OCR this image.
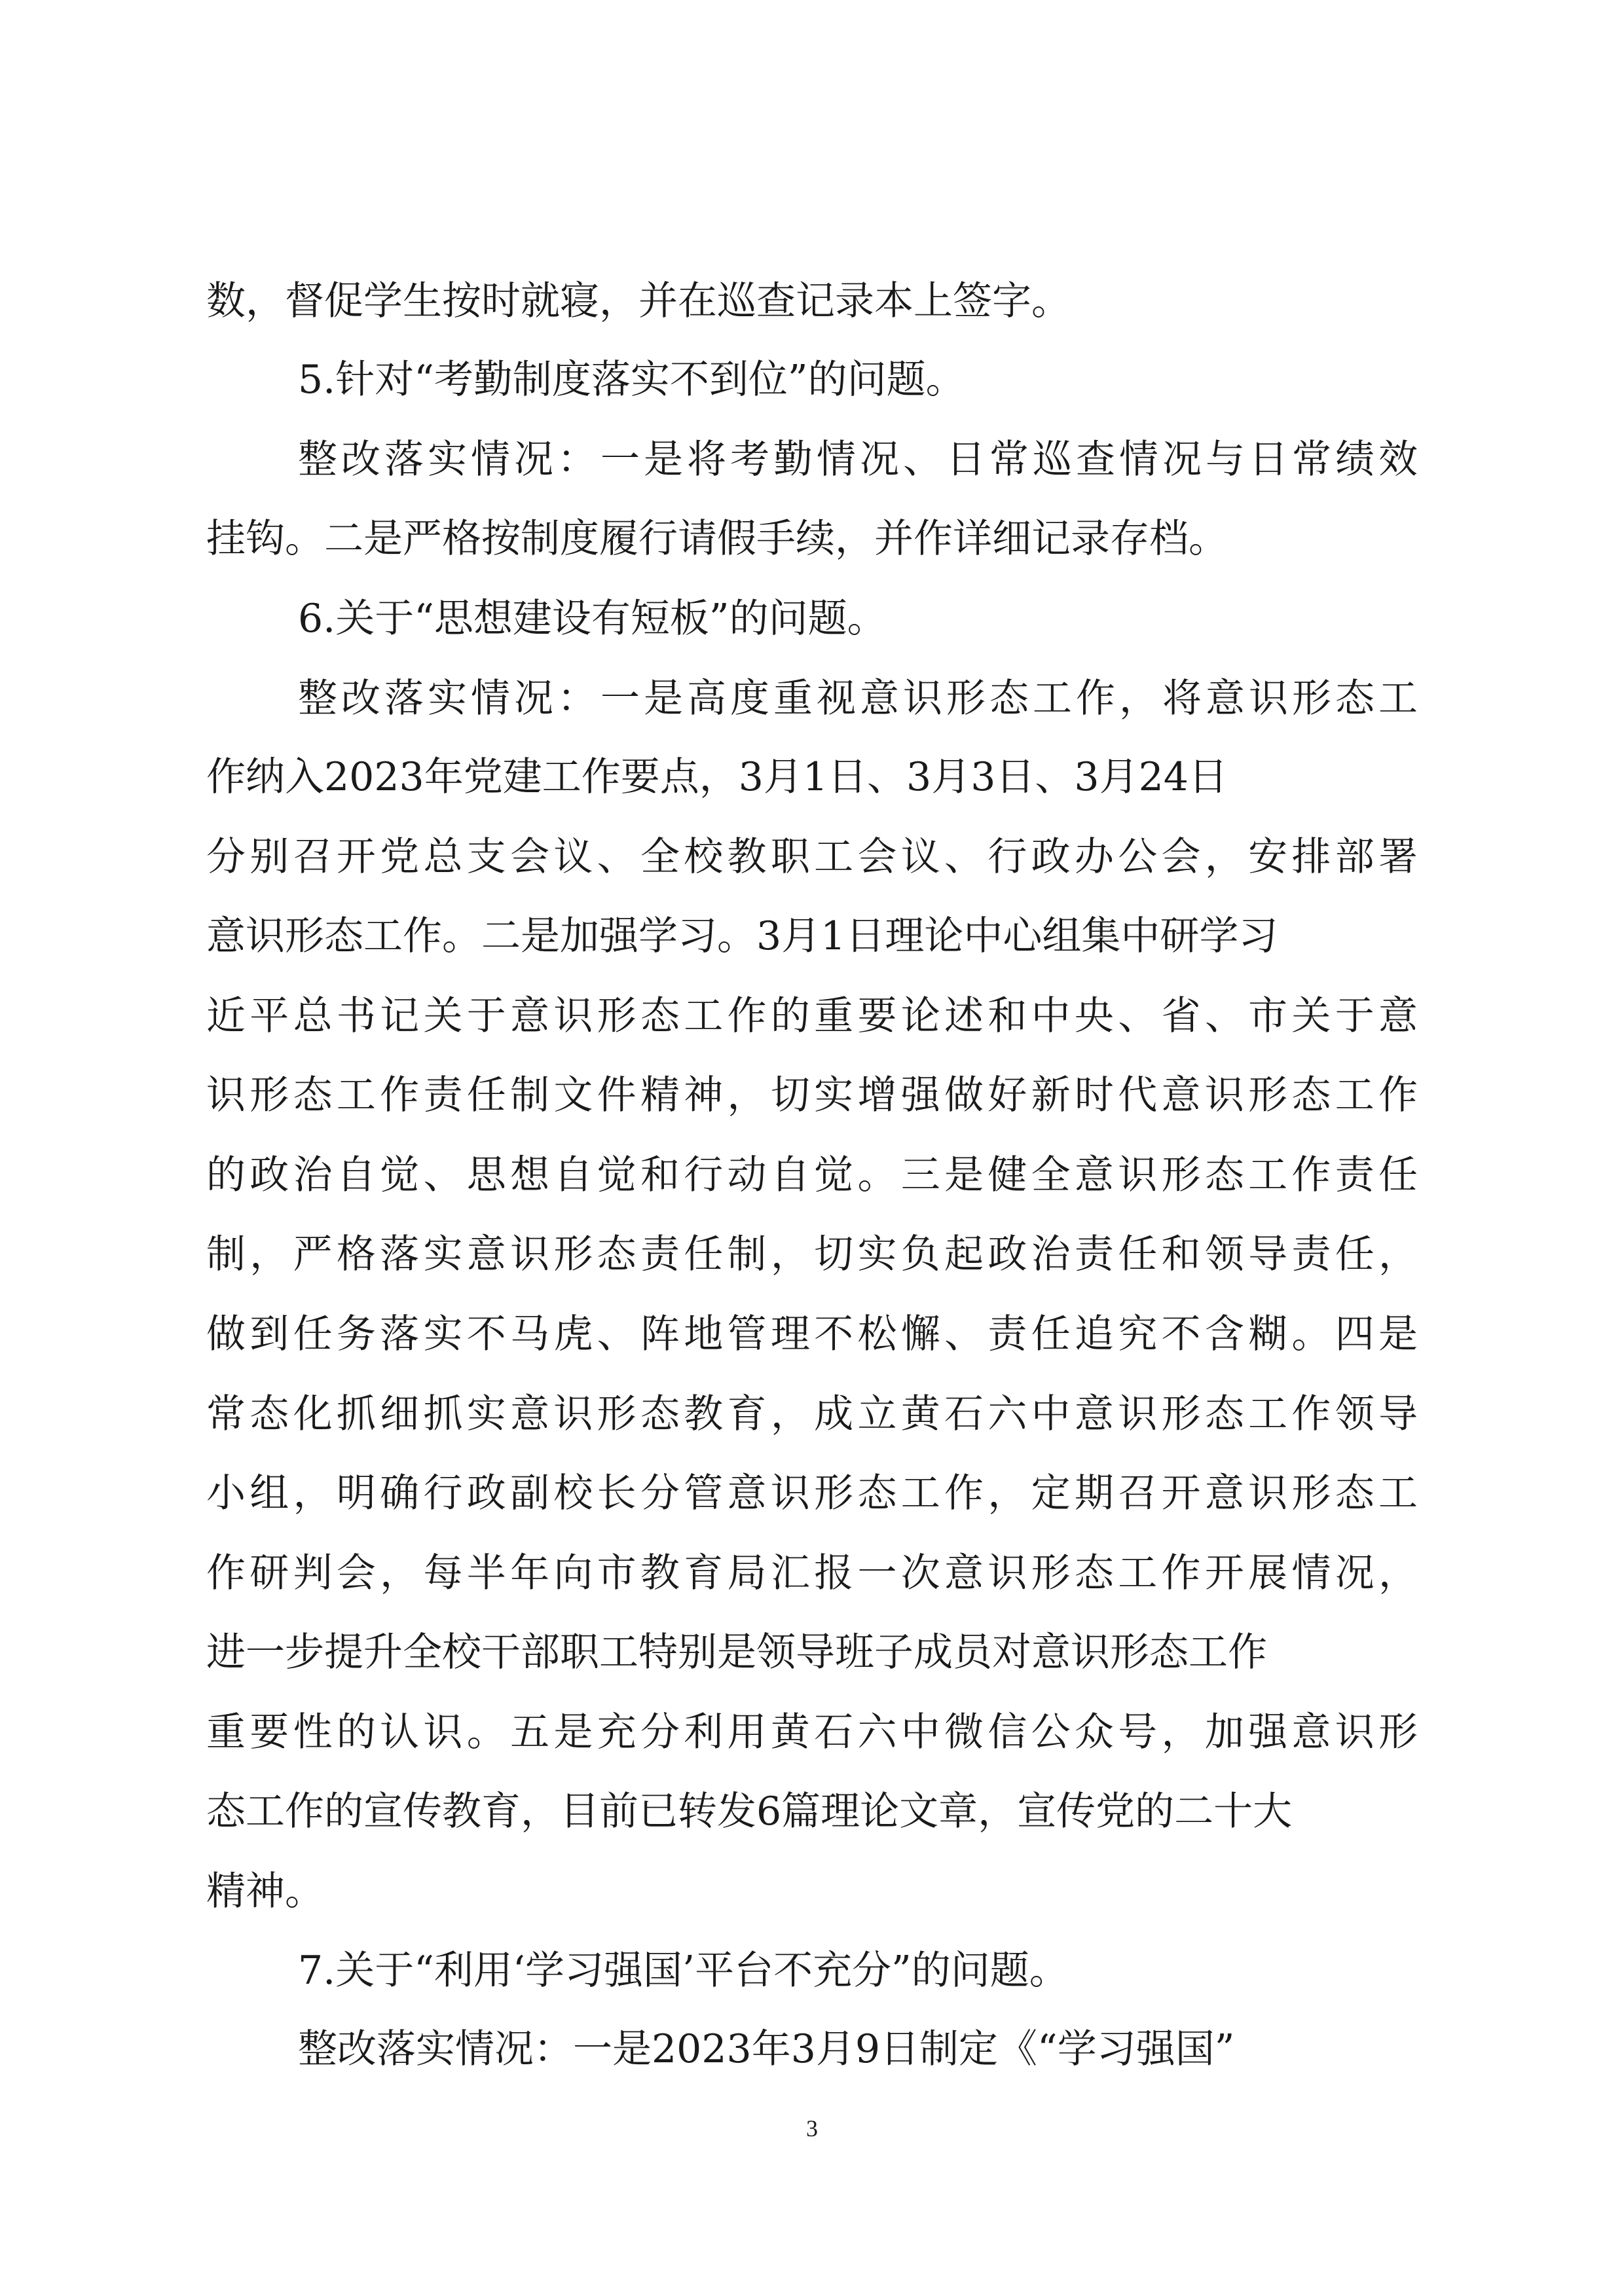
数，督促学生按时就寝，并在巡查记录本上签字。
5.针对“考勤制度落实不到位”的问题。
整改落实情况：一是将考勤情况、日常巡查情况与日常绩效
挂钩。二是严格按制度履行请假手续，并作详细记录存档。
6.关于“思想建设有短板”的问题。
整改落实情况：一是高度重视意识形态工作，将意识形态工
作纳入2023年党建工作要点，3月1日、3月3日、3月24日
分别召开党总支会议、全校教职工会议、行政办公会，安排部署
意识形态工作。二是加强学习。3月1日理论中心组集中研学习
近平总书记关于意识形态工作的重要论述和中央、省、市关于意
识形态工作责任制文件精神，切实增强做好新时代意识形态工作
的政治自觉、思想自觉和行动自觉。三是健全意识形态工作责任
制，严格落实意识形态责任制，切实负起政治责任和领导责任，
做到任务落实不马虎、阵地管理不松懈、责任追究不含糊。四是
常态化抓细抓实意识形态教育，成立黄石六中意识形态工作领导
小组，明确行政副校长分管意识形态工作，定期召开意识形态工
作研判会，每半年向市教育局汇报一次意识形态工作开展情况，
进一步提升全校干部职工特别是领导班子成员对意识形态工作
重要性的认识。五是充分利用黄石六中微信公众号，加强意识形
态工作的宣传教育，目前已转发6篇理论文章，宣传党的二十大
精神。
7.关于“利用‘学习强国’平台不充分”的问题。
整改落实情况：一是2023年3月9日制定《“学习强国”
3
